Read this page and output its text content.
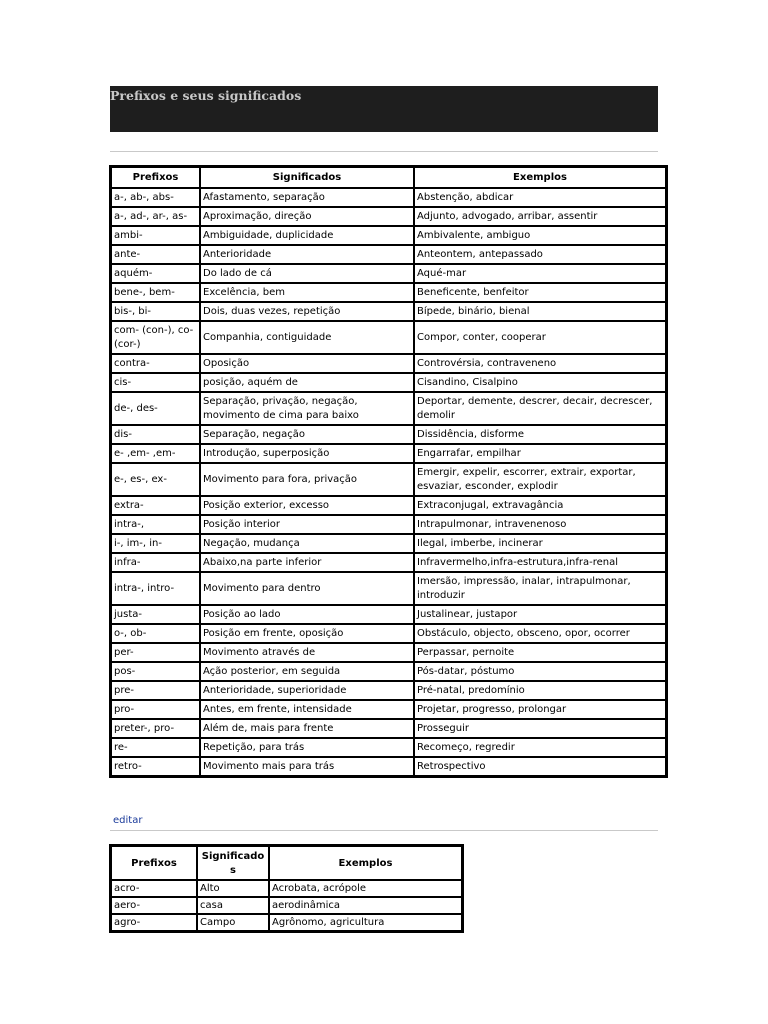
Prefixos e seus significados
Prefixos	Significados	Exemplos
a-, ab-, abs-	Afastamento, separação	Abstenção, abdicar
a-, ad-, ar-, as-	Aproximação, direção	Adjunto, advogado, arribar, assentir
ambi-	Ambiguidade, duplicidade	Ambivalente, ambiguo
ante-	Anterioridade	Anteontem, antepassado
aquém-	Do lado de cá	Aqué-mar
bene-, bem-	Excelência, bem	Beneficente, benfeitor
bis-, bi-	Dois, duas vezes, repetição	Bípede, binário, bienal
com- (con-), co-(cor-)	Companhia, contiguidade	Compor, conter, cooperar
contra-	Oposição	Controvérsia, contraveneno
cis-	posição, aquém de	Cisandino, Cisalpino
de-, des-	Separação, privação, negação, movimento de cima para baixo	Deportar, demente, descrer, decair, decrescer, demolir
dis-	Separação, negação	Dissidência, disforme
e- ,em- ,em-	Introdução, superposição	Engarrafar, empilhar
e-, es-, ex-	Movimento para fora, privação	Emergir, expelir, escorrer, extrair, exportar, esvaziar, esconder, explodir
extra-	Posição exterior, excesso	Extraconjugal, extravagância
intra-,	Posição interior	Intrapulmonar, intravenenoso
i-, im-, in-	Negação, mudança	Ilegal, imberbe, incinerar
infra-	Abaixo,na parte inferior	Infravermelho,infra-estrutura,infra-renal
intra-, intro-	Movimento para dentro	Imersão, impressão, inalar, intrapulmonar, introduzir
justa-	Posição ao lado	Justalinear, justapor
o-, ob-	Posição em frente, oposição	Obstáculo, objecto, obsceno, opor, ocorrer
per-	Movimento através de	Perpassar, pernoite
pos-	Ação posterior, em seguida	Pós-datar, póstumo
pre-	Anterioridade, superioridade	Pré-natal, predomínio
pro-	Antes, em frente, intensidade	Projetar, progresso, prolongar
preter-, pro-	Além de, mais para frente	Prosseguir
re-	Repetição, para trás	Recomeço, regredir
retro-	Movimento mais para trás	Retrospectivo
editar
Prefixos	Significados	Exemplos
acro-	Alto	Acrobata, acrópole
aero-	casa	aerodinâmica
agro-	Campo	Agrônomo, agricultura
